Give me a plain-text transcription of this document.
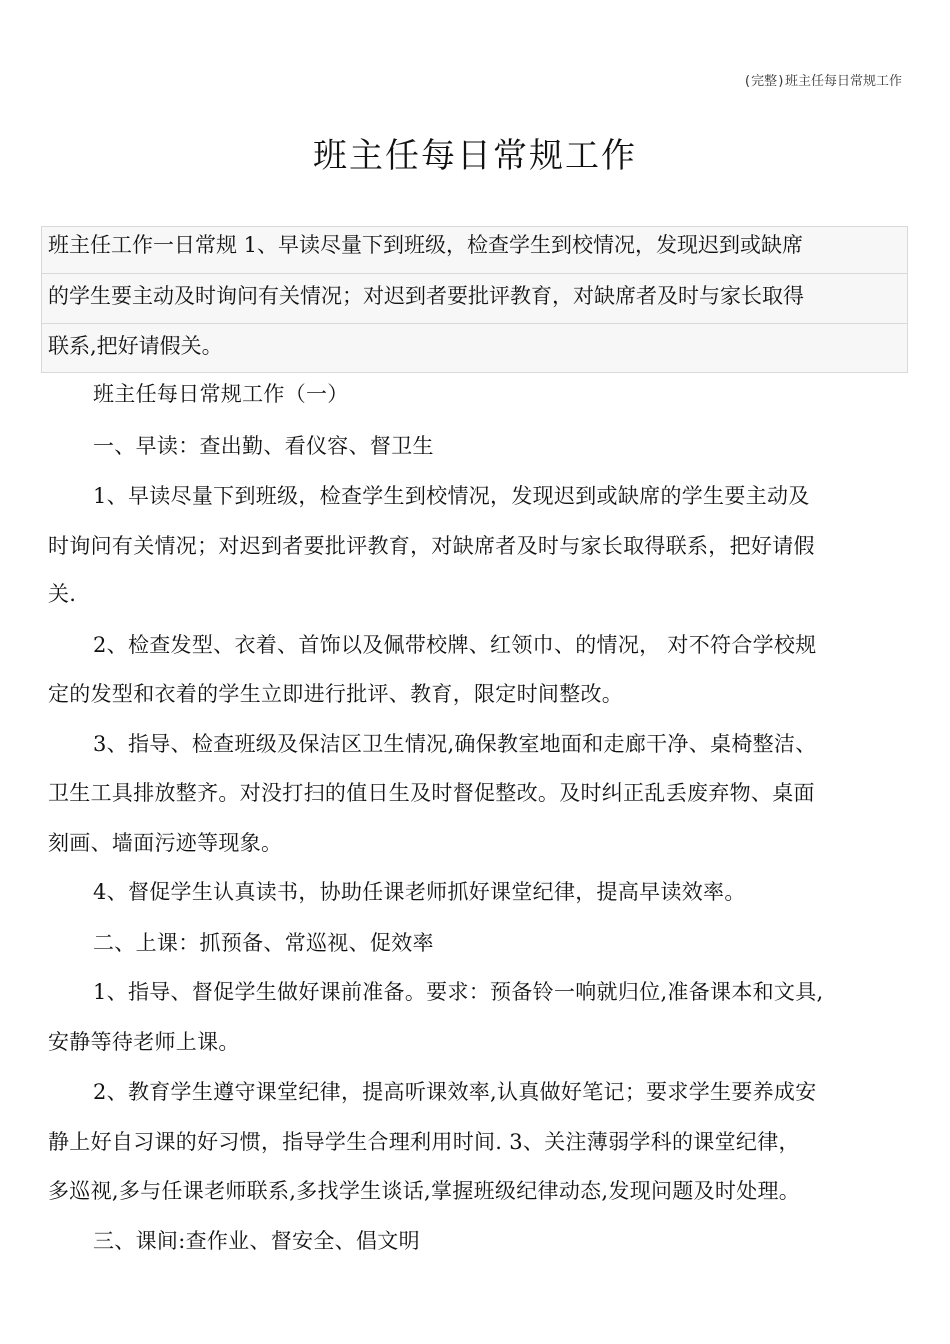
(完整)班主任每日常规工作
班主任每日常规工作
班主任工作一日常规 1、早读尽量下到班级，检查学生到校情况，发现迟到或缺席
的学生要主动及时询问有关情况；对迟到者要批评教育，对缺席者及时与家长取得
联系,把好请假关。
班主任每日常规工作（一）
一、早读：查出勤、看仪容、督卫生
1、早读尽量下到班级，检查学生到校情况，发现迟到或缺席的学生要主动及
时询问有关情况；对迟到者要批评教育，对缺席者及时与家长取得联系，把好请假
关.
2、检查发型、衣着、首饰以及佩带校牌、红领巾、的情况， 对不符合学校规
定的发型和衣着的学生立即进行批评、教育，限定时间整改。
3、指导、检查班级及保洁区卫生情况,确保教室地面和走廊干净、桌椅整洁、
卫生工具排放整齐。对没打扫的值日生及时督促整改。及时纠正乱丢废弃物、桌面
刻画、墙面污迹等现象。
4、督促学生认真读书，协助任课老师抓好课堂纪律，提高早读效率。
二、上课：抓预备、常巡视、促效率
1、指导、督促学生做好课前准备。要求：预备铃一响就归位,准备课本和文具,
安静等待老师上课。
2、教育学生遵守课堂纪律，提高听课效率,认真做好笔记；要求学生要养成安
静上好自习课的好习惯，指导学生合理利用时间. 3、关注薄弱学科的课堂纪律，
多巡视,多与任课老师联系,多找学生谈话,掌握班级纪律动态,发现问题及时处理。
三、课间:查作业、督安全、倡文明
